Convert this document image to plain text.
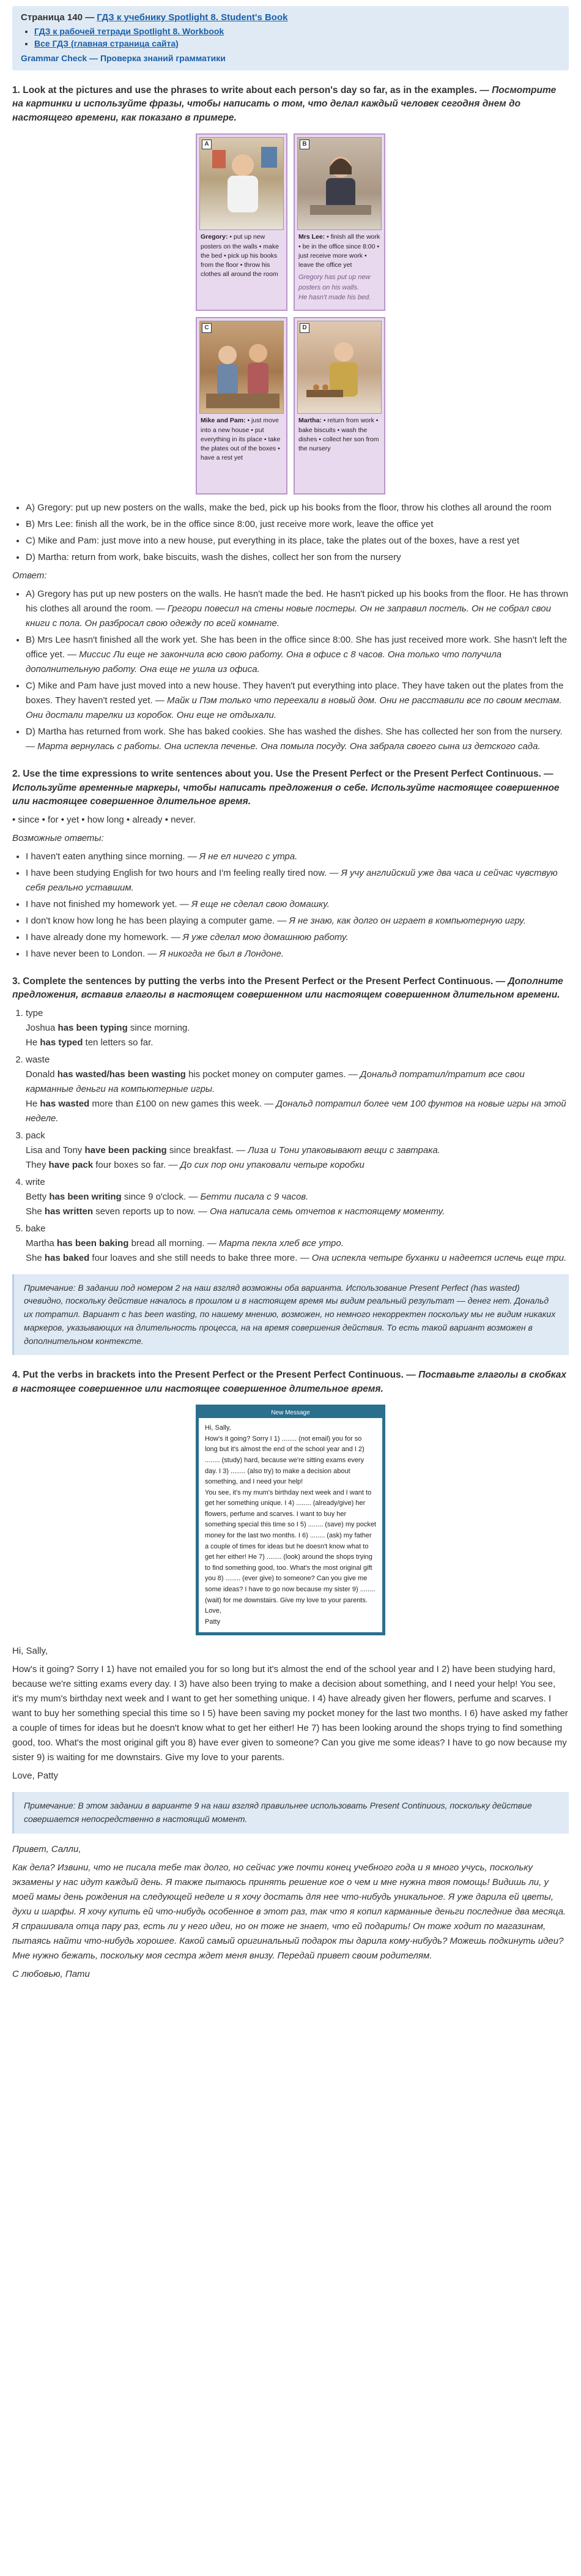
Страница 140 — ГДЗ к учебнику Spotlight 8. Student's Book
• ГДЗ к рабочей тетради Spotlight 8. Workbook
• Все ГДЗ (главная страница сайта)
Grammar Check — Проверка знаний грамматики
1. Look at the pictures and use the phrases to write about each person's day so far, as in the examples. — Посмотрите на картинки и используйте фразы, чтобы написать о том, что делал каждый человек сегодня днем до настоящего времени, как показано в примере.
A
Gregory: • put up new posters on the walls • make the bed • pick up his books from the floor • throw his clothes all around the room
B
Mrs Lee: • finish all the work • be in the office since 8:00 • just receive more work • leave the office yet
Gregory has put up new posters on his walls.
He hasn't made his bed.
C
Mike and Pam: • just move into a new house • put everything in its place • take the plates out of the boxes • have a rest yet
D
Martha: • return from work • bake biscuits • wash the dishes • collect her son from the nursery
• A) Gregory: put up new posters on the walls, make the bed, pick up his books from the floor, throw his clothes all around the room
• B) Mrs Lee: finish all the work, be in the office since 8:00, just receive more work, leave the office yet
• C) Mike and Pam: just move into a new house, put everything in its place, take the plates out of the boxes, have a rest yet
• D) Martha: return from work, bake biscuits, wash the dishes, collect her son from the nursery

Ответ:

• A) Gregory has put up new posters on the walls. He hasn't made the bed. He hasn't picked up his books from the floor. He has thrown his clothes all around the room. — Грегори повесил на стены новые постеры. Он не заправил постель. Он не собрал свои книги с пола. Он разбросал свою одежду по всей комнате.
• B) Mrs Lee hasn't finished all the work yet. She has been in the office since 8:00. She has just received more work. She hasn't left the office yet. — Миссис Ли еще не закончила всю свою работу. Она в офисе с 8 часов. Она только что получила дополнительную работу. Она еще не ушла из офиса.
• C) Mike and Pam have just moved into a new house. They haven't put everything into place. They have taken out the plates from the boxes. They haven't rested yet. — Майк и Пэм только что переехали в новый дом. Они не расставили все по своим местам. Они достали тарелки из коробок. Они еще не отдыхали.
• D) Martha has returned from work. She has baked cookies. She has washed the dishes. She has collected her son from the nursery. — Марта вернулась с работы. Она испекла печенье. Она помыла посуду. Она забрала своего сына из детского сада.
2. Use the time expressions to write sentences about you. Use the Present Perfect or the Present Perfect Continuous. — Используйте временные маркеры, чтобы написать предложения о себе. Используйте настоящее совершенное или настоящее совершенное длительное время.

• since • for • yet • how long • already • never.

Возможные ответы:

• I haven't eaten anything since morning. — Я не ел ничего с утра.
• I have been studying English for two hours and I'm feeling really tired now. — Я учу английский уже два часа и сейчас чувствую себя реально уставшим.
• I have not finished my homework yet. — Я еще не сделал свою домашку.
• I don't know how long he has been playing a computer game. — Я не знаю, как долго он играет в компьютерную игру.
• I have already done my homework. — Я уже сделал мою домашнюю работу.
• I have never been to London. — Я никогда не был в Лондоне.
3. Complete the sentences by putting the verbs into the Present Perfect or the Present Perfect Continuous. — Дополните предложения, вставив глаголы в настоящем совершенном или настоящем совершенном длительном времени.
1. type
Joshua has been typing since morning.
He has typed ten letters so far.
2. waste
Donald has wasted/has been wasting his pocket money on computer games. — Дональд потратил/тратит все свои карманные деньги на компьютерные игры.
He has wasted more than £100 on new games this week. — Дональд потратил более чем 100 фунтов на новые игры на этой неделе.
3. pack
Lisa and Tony have been packing since breakfast. — Лиза и Тони упаковывают вещи с завтрака.
They have pack four boxes so far. — До сих пор они упаковали четыре коробки
4. write
Betty has been writing since 9 o'clock. — Бетти писала с 9 часов.
She has written seven reports up to now. — Она написала семь отчетов к настоящему моменту.
5. bake
Martha has been baking bread all morning. — Марта пекла хлеб все утро.
She has baked four loaves and she still needs to bake three more. — Она испекла четыре буханки и надеется испечь еще три.
Примечание: В задании под номером 2 на наш взгляд возможны оба варианта. Использование Present Perfect (has wasted) очевидно, поскольку действие началось в прошлом и в настоящем время мы видим реальный результат — денег нет. Дональд их потратил. Вариант с has been wasting, по нашему мнению, возможен, но немного некорректен поскольку мы не видим никаких маркеров, указывающих на длительность процесса, на на время совершения действия. То есть такой вариант возможен в дополнительном контексте.
4. Put the verbs in brackets into the Present Perfect or the Present Perfect Continuous. — Поставьте глаголы в скобках в настоящее совершенное или настоящее совершенное длительное время.
New Message
Hi, Sally,
How's it going? Sorry I 1) ........ (not email) you for so long but it's almost the end of the school year and I 2) ........ (study) hard, because we're sitting exams every day. I 3) ........ (also try) to make a decision about something, and I need your help!
You see, it's my mum's birthday next week and I want to get her something unique. I 4) ........ (already/give) her flowers, perfume and scarves. I want to buy her something special this time so I 5) ........ (save) my pocket money for the last two months. I 6) ........ (ask) my father a couple of times for ideas but he doesn't know what to get her either! He 7) ........ (look) around the shops trying to find something good, too. What's the most original gift you 8) ........ (ever give) to someone? Can you give me some ideas? I have to go now because my sister 9) ........ (wait) for me downstairs. Give my love to your parents.
Love,
Patty

Hi, Sally,

How's it going? Sorry I 1) have not emailed you for so long but it's almost the end of the school year and I 2) have been studying hard, because we're sitting exams every day. I 3) have also been trying to make a decision about something, and I need your help! You see, it's my mum's birthday next week and I want to get her something unique. I 4) have already given her flowers, perfume and scarves. I want to buy her something special this time so I 5) have been saving my pocket money for the last two months. I 6) have asked my father a couple of times for ideas but he doesn't know what to get her either! He 7) has been looking around the shops trying to find something good, too. What's the most original gift you 8) have ever given to someone? Can you give me some ideas? I have to go now because my sister 9) is waiting for me downstairs. Give my love to your parents.

Love, Patty

Примечание: В этом задании в варианте 9 на наш взгляд правильнее использовать Present Continuous, поскольку действие совершается непосредственно в настоящий момент.

Привет, Салли,

Как дела? Извини, что не писала тебе так долго, но сейчас уже почти конец учебного года и я много учусь, поскольку экзамены у нас идут каждый день. Я также пытаюсь принять решение кое о чем и мне нужна твоя помощь! Видишь ли, у моей мамы день рождения на следующей неделе и я хочу достать для нее что-нибудь уникальное. Я уже дарила ей цветы, духи и шарфы. Я хочу купить ей что-нибудь особенное в этот раз, так что я копил карманные деньги последние два месяца. Я спрашивала отца пару раз, есть ли у него идеи, но он тоже не знает, что ей подарить! Он тоже ходит по магазинам, пытаясь найти что-нибудь хорошее. Какой самый оригинальный подарок ты дарила кому-нибудь? Можешь подкинуть идеи? Мне нужно бежать, поскольку моя сестра ждет меня внизу. Передай привет своим родителям.

С любовью, Пати
